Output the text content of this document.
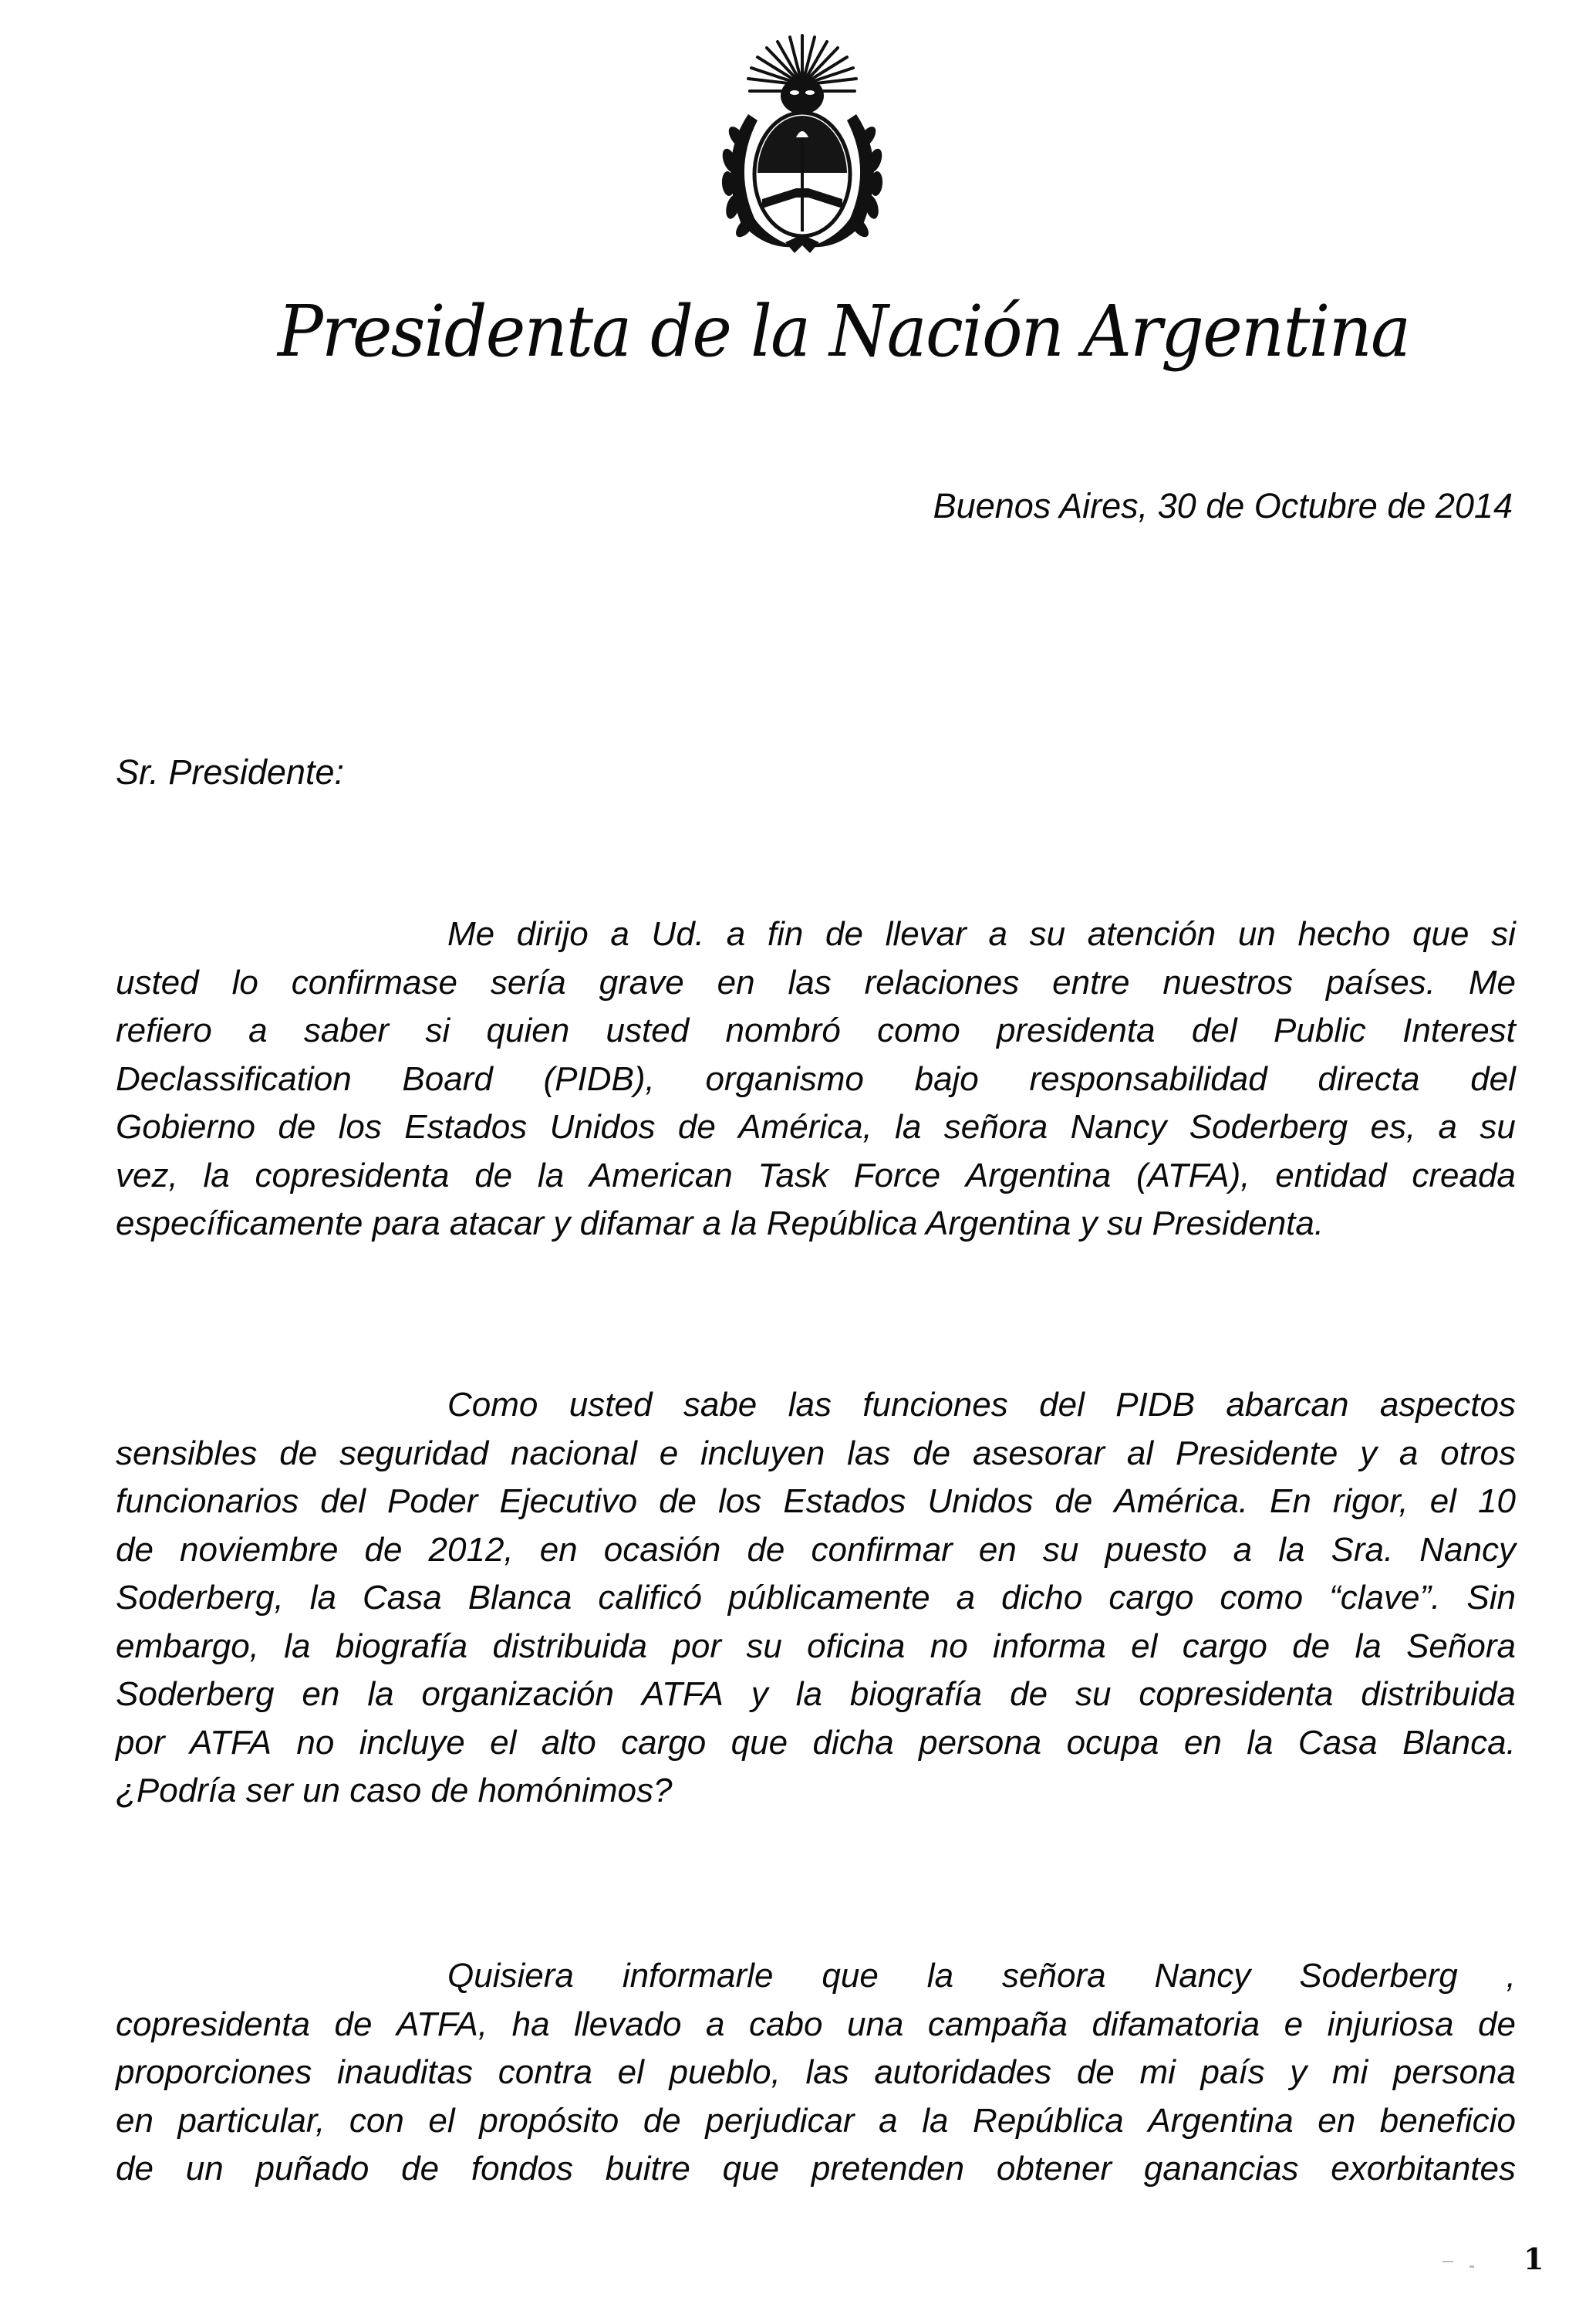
Presidenta de la Nación Argentina
Buenos Aires, 30 de Octubre de 2014
Sr. Presidente:
Me dirijo a Ud. a fin de llevar a su atención un hecho que si
usted lo confirmase sería grave en las relaciones entre nuestros países. Me
refiero a saber si quien usted nombró como presidenta del Public Interest
Declassification Board (PIDB), organismo bajo responsabilidad directa del
Gobierno de los Estados Unidos de América, la señora Nancy Soderberg es, a su
vez, la copresidenta de la American Task Force Argentina (ATFA), entidad creada
específicamente para atacar y difamar a la República Argentina y su Presidenta.
Como usted sabe las funciones del PIDB abarcan aspectos
sensibles de seguridad nacional e incluyen las de asesorar al Presidente y a otros
funcionarios del Poder Ejecutivo de los Estados Unidos de América. En rigor, el 10
de noviembre de 2012, en ocasión de confirmar en su puesto a la Sra. Nancy
Soderberg, la Casa Blanca calificó públicamente a dicho cargo como “clave”. Sin
embargo, la biografía distribuida por su oficina no informa el cargo de la Señora
Soderberg en la organización ATFA y la biografía de su copresidenta distribuida
por ATFA no incluye el alto cargo que dicha persona ocupa en la Casa Blanca.
¿Podría ser un caso de homónimos?
Quisiera informarle que la señora Nancy Soderberg ,
copresidenta de ATFA, ha llevado a cabo una campaña difamatoria e injuriosa de
proporciones inauditas contra el pueblo, las autoridades de mi país y mi persona
en particular, con el propósito de perjudicar a la República Argentina en beneficio
de un puñado de fondos buitre que pretenden obtener ganancias exorbitantes
1
